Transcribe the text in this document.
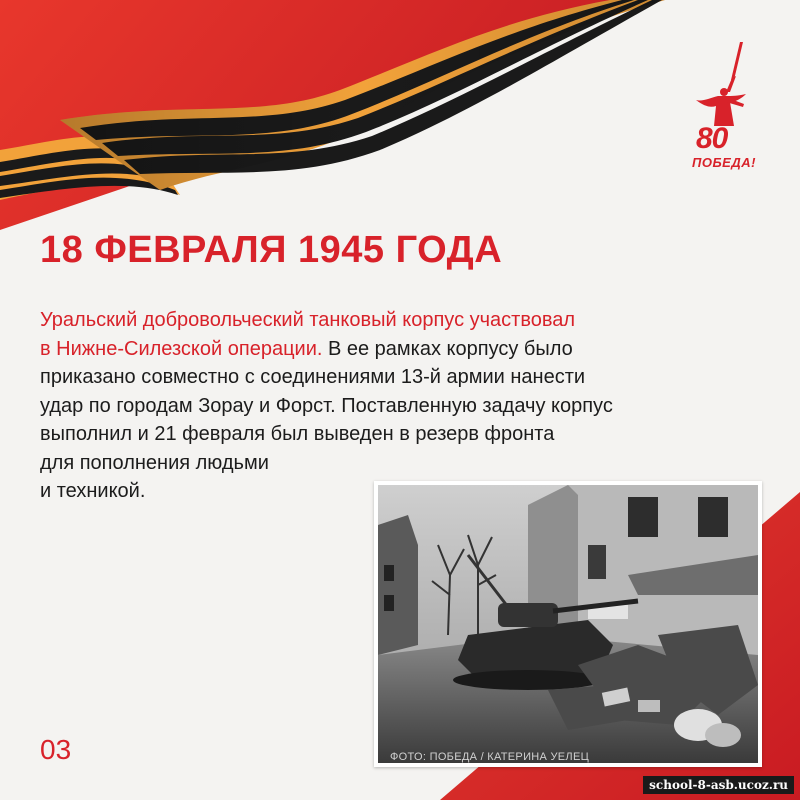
80
ПОБЕДА!
18 ФЕВРАЛЯ 1945 ГОДА
Уральский добровольческий танковый корпус участвовал
в Нижне-Силезской операции. В ее рамках корпусу было
приказано совместно с соединениями 13-й армии нанести
удар по городам Зорау и Форст. Поставленную задачу корпус
выполнил и 21 февраля был выведен в резерв фронта
для пополнения людьми
и техникой.
ФОТО: ПОБЕДА / КАТЕРИНА УЕЛЕЦ
03
school-8-asb.ucoz.ru
